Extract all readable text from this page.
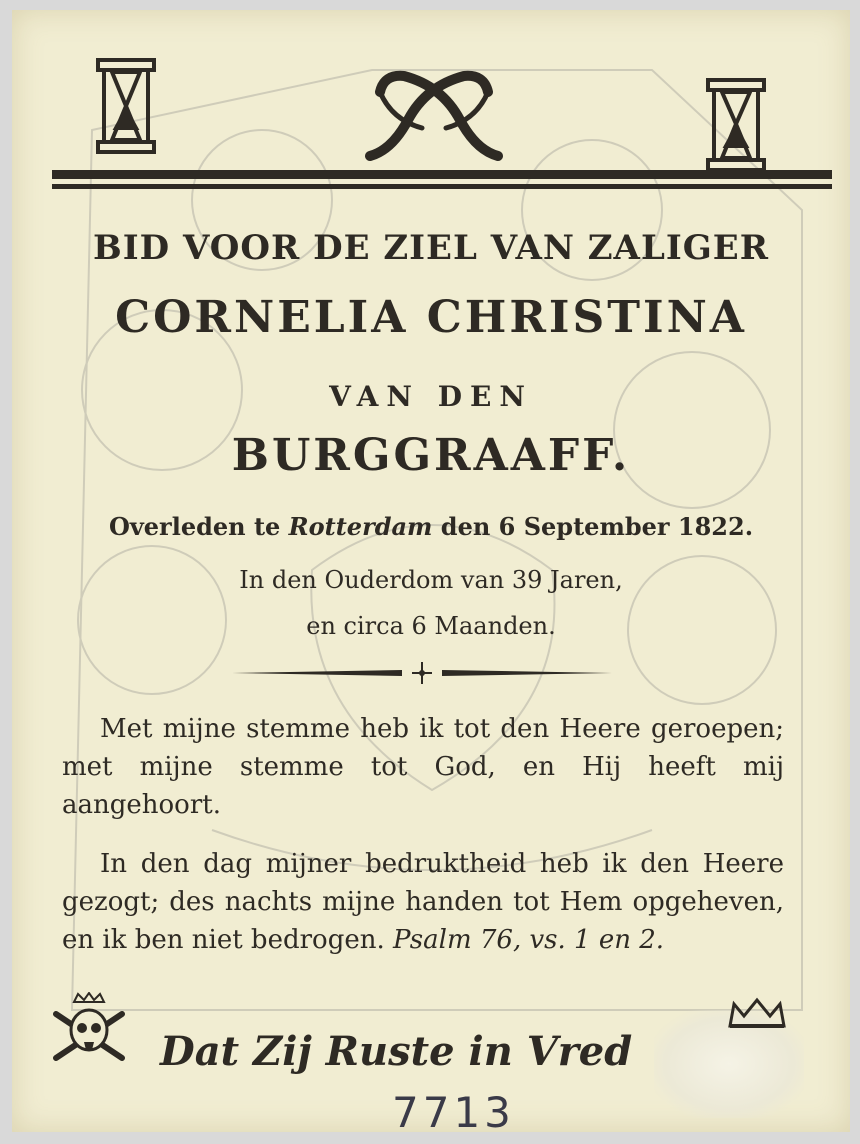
BID VOOR DE ZIEL VAN ZALIGER
CORNELIA CHRISTINA
VAN DEN
BURGGRAAFF.
Overleden te Rotterdam den 6 September 1822.
In den Ouderdom van 39 Jaren,
en circa 6 Maanden.
Met mijne stemme heb ik tot den Heere geroepen; met mijne stemme tot God, en Hij heeft mij aangehoort.
In den dag mijner bedruktheid heb ik den Heere gezogt; des nachts mijne handen tot Hem opgeheven, en ik ben niet bedrogen. Psalm 76, vs. 1 en 2.
Dat Zij Ruste in Vred
7713
